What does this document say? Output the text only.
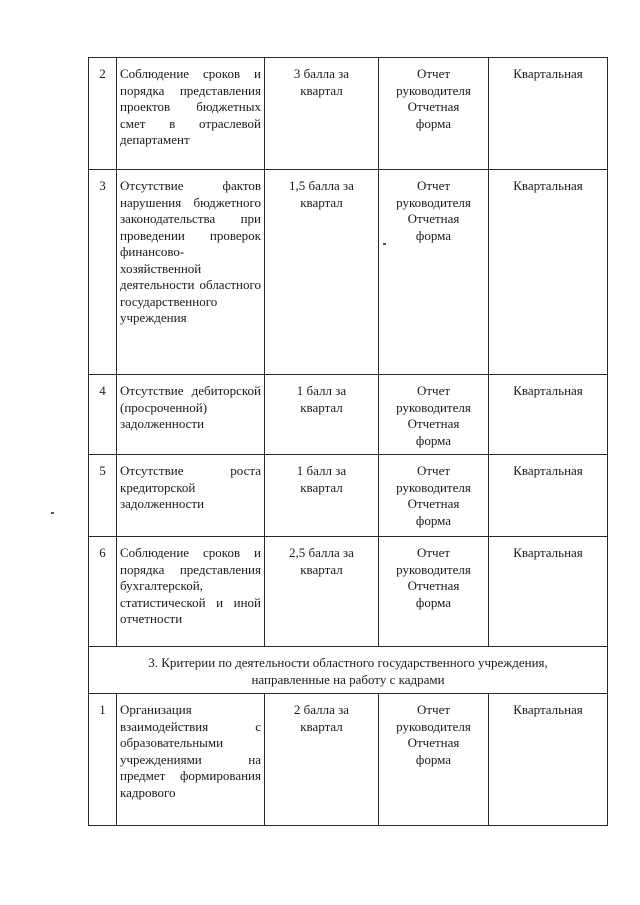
2	Соблюдение сроков и порядка представления проектов бюджетных смет в отраслевой департамент	3 балла за
квартал	Отчет
руководителя
Отчетная
форма	Квартальная
3	Отсутствие фактов нарушения бюджетного законодательства при проведении проверок финансово-хозяйственной деятельности областного государственного учреждения	1,5 балла за
квартал	Отчет
руководителя
Отчетная
форма	Квартальная
4	Отсутствие дебиторской (просроченной) задолженности	1 балл за
квартал	Отчет
руководителя
Отчетная
форма	Квартальная
5	Отсутствие роста кредиторской задолженности	1 балл за
квартал	Отчет
руководителя
Отчетная
форма	Квартальная
6	Соблюдение сроков и порядка представления бухгалтерской, статистической и иной отчетности	2,5 балла за
квартал	Отчет
руководителя
Отчетная
форма	Квартальная

3. Критерии по деятельности областного государственного учреждения,
направленные на работу с кадрами				

1	Организация взаимодействия с образовательными учреждениями на предмет формирования кадрового	2 балла за
квартал	Отчет
руководителя
Отчетная
форма	Квартальная
